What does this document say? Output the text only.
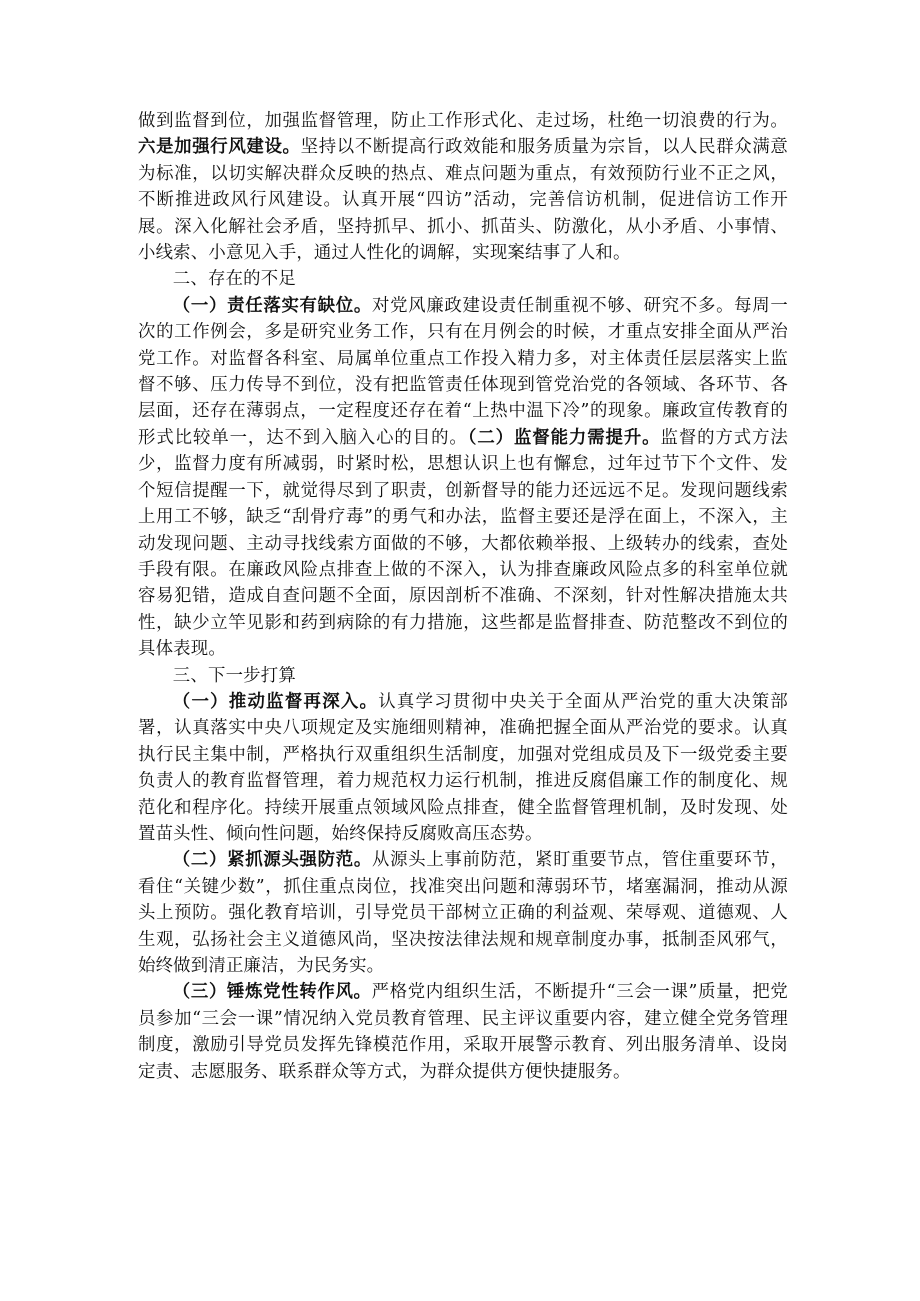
做到监督到位，加强监督管理，防止工作形式化、走过场，杜绝一切浪费的行为。六是加强行风建设。坚持以不断提高行政效能和服务质量为宗旨，以人民群众满意为标准，以切实解决群众反映的热点、难点问题为重点，有效预防行业不正之风，不断推进政风行风建设。认真开展“四访”活动，完善信访机制，促进信访工作开展。深入化解社会矛盾，坚持抓早、抓小、抓苗头、防激化，从小矛盾、小事情、小线索、小意见入手，通过人性化的调解，实现案结事了人和。

二、存在的不足

（一）责任落实有缺位。对党风廉政建设责任制重视不够、研究不多。每周一次的工作例会，多是研究业务工作，只有在月例会的时候，才重点安排全面从严治党工作。对监督各科室、局属单位重点工作投入精力多，对主体责任层层落实上监督不够、压力传导不到位，没有把监管责任体现到管党治党的各领域、各环节、各层面，还存在薄弱点，一定程度还存在着“上热中温下冷”的现象。廉政宣传教育的形式比较单一，达不到入脑入心的目的。（二）监督能力需提升。监督的方式方法少，监督力度有所减弱，时紧时松，思想认识上也有懈怠，过年过节下个文件、发个短信提醒一下，就觉得尽到了职责，创新督导的能力还远远不足。发现问题线索上用工不够，缺乏“刮骨疗毒”的勇气和办法，监督主要还是浮在面上，不深入，主动发现问题、主动寻找线索方面做的不够，大都依赖举报、上级转办的线索，查处手段有限。在廉政风险点排查上做的不深入，认为排查廉政风险点多的科室单位就容易犯错，造成自查问题不全面，原因剖析不准确、不深刻，针对性解决措施太共性，缺少立竿见影和药到病除的有力措施，这些都是监督排查、防范整改不到位的具体表现。

三、下一步打算

（一）推动监督再深入。认真学习贯彻中央关于全面从严治党的重大决策部署，认真落实中央八项规定及实施细则精神，准确把握全面从严治党的要求。认真执行民主集中制，严格执行双重组织生活制度，加强对党组成员及下一级党委主要负责人的教育监督管理，着力规范权力运行机制，推进反腐倡廉工作的制度化、规范化和程序化。持续开展重点领域风险点排查，健全监督管理机制，及时发现、处置苗头性、倾向性问题，始终保持反腐败高压态势。

（二）紧抓源头强防范。从源头上事前防范，紧盯重要节点，管住重要环节，看住“关键少数”，抓住重点岗位，找准突出问题和薄弱环节，堵塞漏洞，推动从源头上预防。强化教育培训，引导党员干部树立正确的利益观、荣辱观、道德观、人生观，弘扬社会主义道德风尚，坚决按法律法规和规章制度办事，抵制歪风邪气，始终做到清正廉洁，为民务实。

（三）锤炼党性转作风。严格党内组织生活，不断提升“三会一课”质量，把党员参加“三会一课”情况纳入党员教育管理、民主评议重要内容，建立健全党务管理制度，激励引导党员发挥先锋模范作用，采取开展警示教育、列出服务清单、设岗定责、志愿服务、联系群众等方式，为群众提供方便快捷服务。
